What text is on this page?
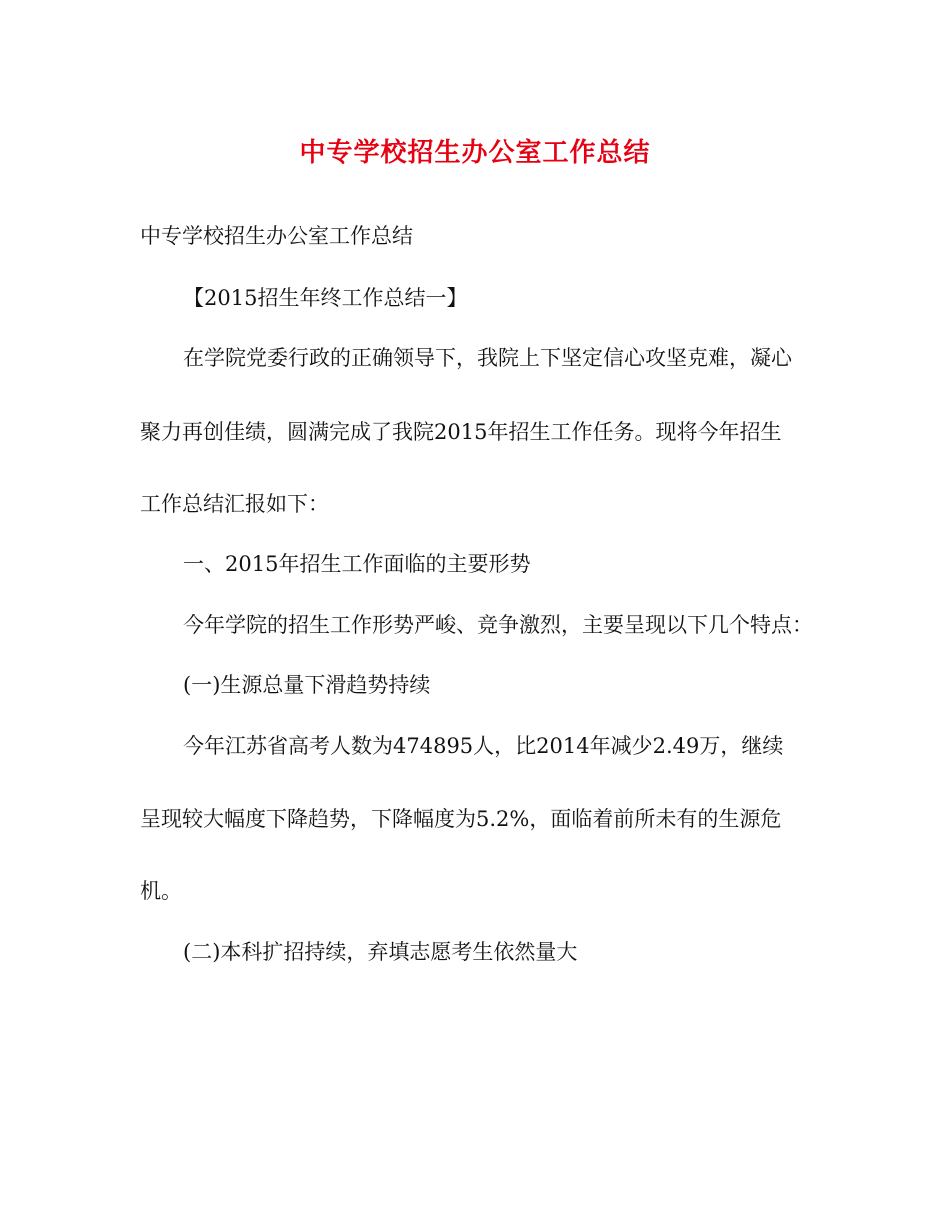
中专学校招生办公室工作总结
中专学校招生办公室工作总结
【2015招生年终工作总结一】
在学院党委行政的正确领导下，我院上下坚定信心攻坚克难，凝心
聚力再创佳绩，圆满完成了我院2015年招生工作任务。现将今年招生
工作总结汇报如下：
一、2015年招生工作面临的主要形势
今年学院的招生工作形势严峻、竞争激烈，主要呈现以下几个特点：
(一)生源总量下滑趋势持续
今年江苏省高考人数为474895人，比2014年减少2.49万，继续
呈现较大幅度下降趋势，下降幅度为5.2%，面临着前所未有的生源危
机。
(二)本科扩招持续，弃填志愿考生依然量大
